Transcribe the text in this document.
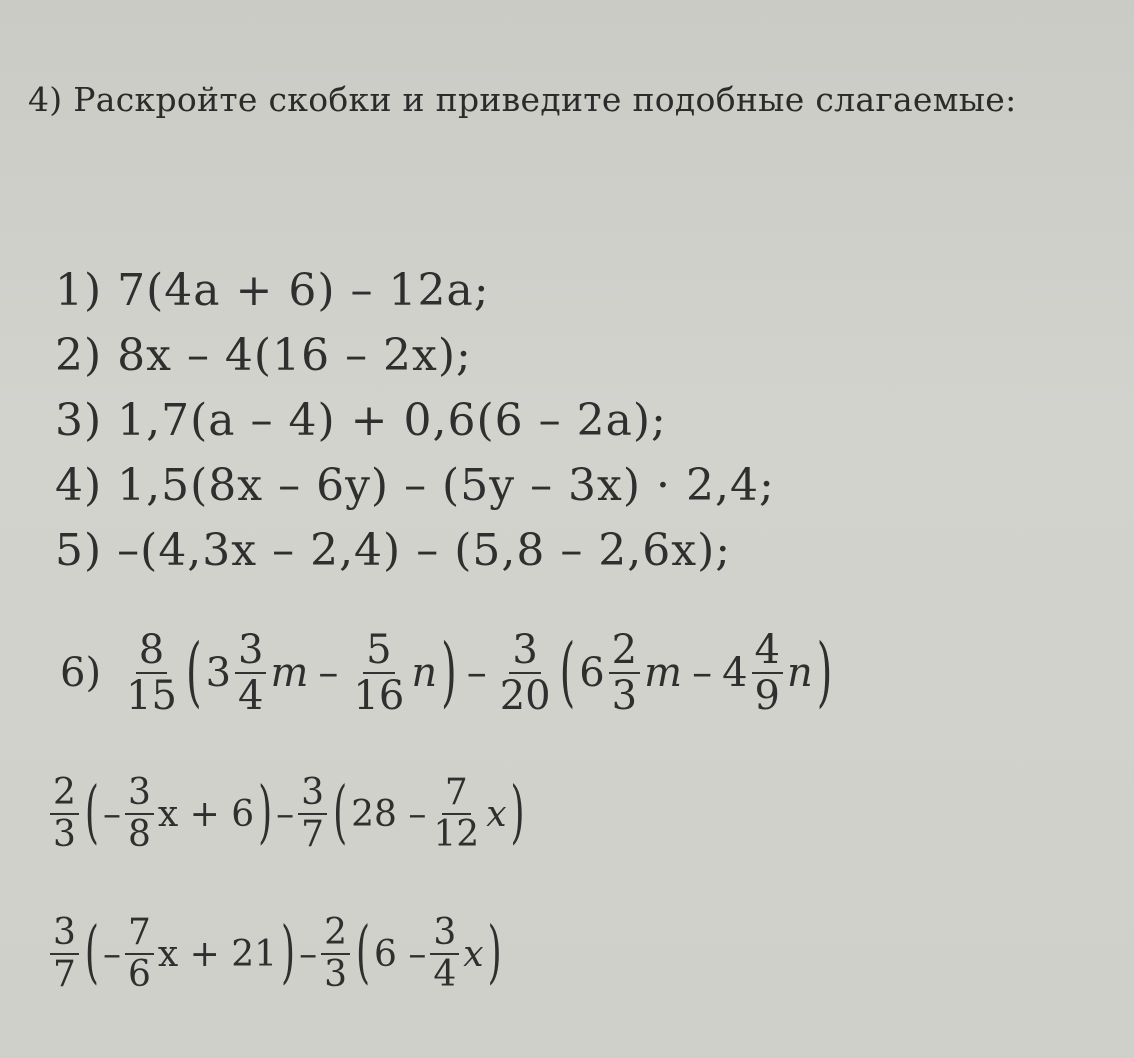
4) Раскройте скобки и приведите подобные слагаемые:
1) 7(4a + 6) – 12a;
2) 8x – 4(16 – 2x);
3) 1,7(a – 4) + 0,6(6 – 2a);
4) 1,5(8x – 6y) – (5y – 3x) · 2,4;
5) –(4,3x – 2,4) – (5,8 – 2,6x);
$6) \frac{8}{15}$ ( $3 \frac{3}{4}$ m – $\frac{5}{16}$ n ) – $\frac{3}{20}$ ( $6 \frac{2}{3}$ m – $4 \frac{4}{9}$ n )
$\frac{2}{3}$ ( – $\frac{3}{8}$ x + 6 ) – $\frac{3}{7}$ ( $28 - \frac{7}{12}$ x )
$\frac{3}{7}$ ( – $\frac{7}{6}$ x + 21 ) – $\frac{2}{3}$ ( $6 - \frac{3}{4}$ x )
